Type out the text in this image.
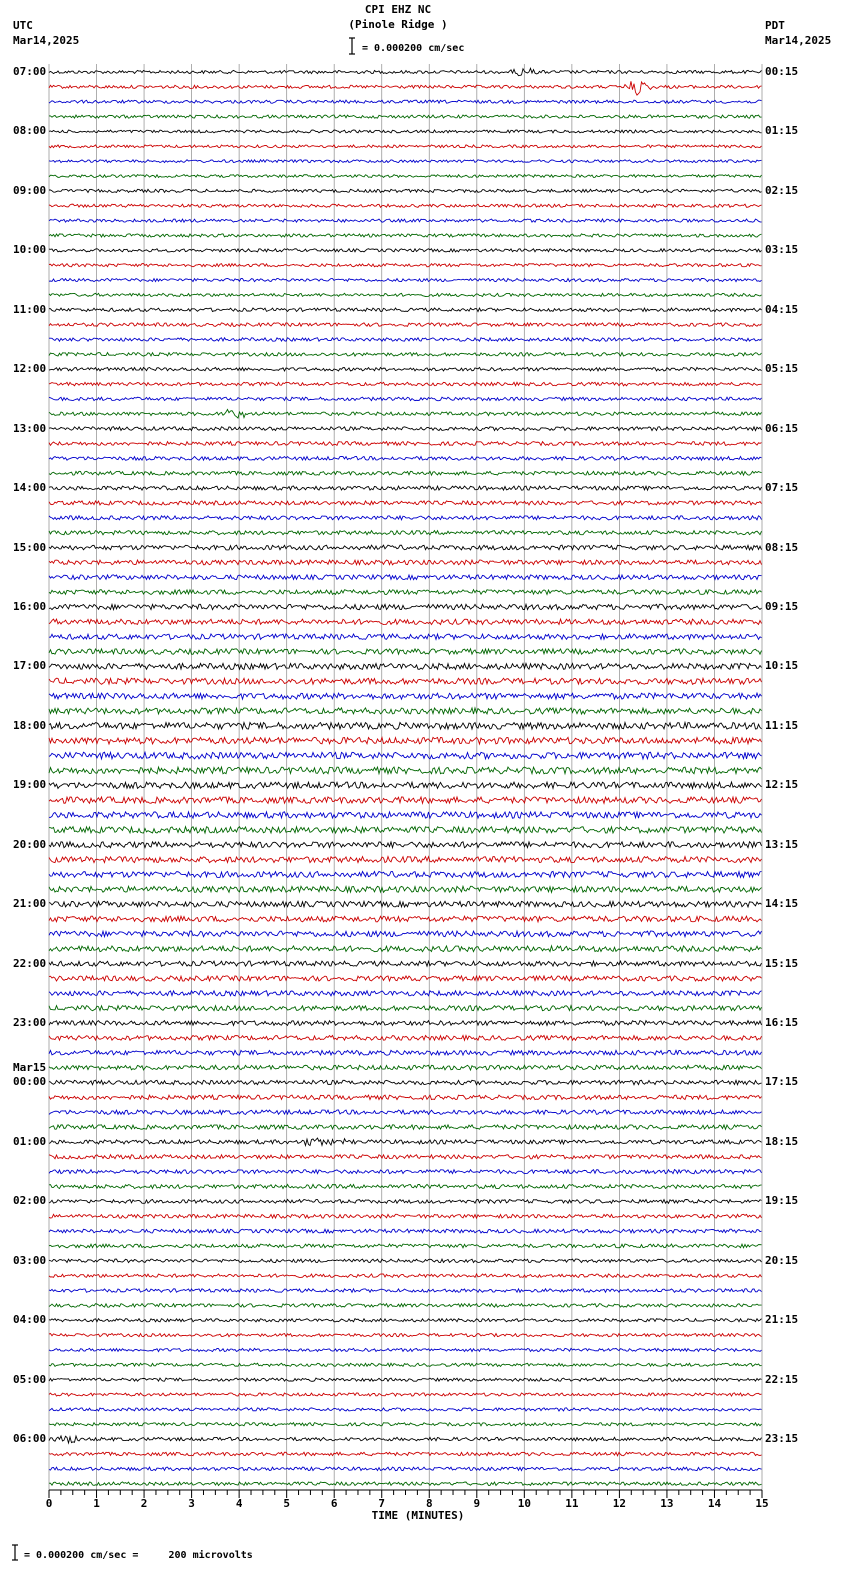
CPI EHZ NC
(Pinole Ridge )
= 0.000200 cm/sec
UTC
Mar14,2025
PDT
Mar14,2025
07:00
08:00
09:00
10:00
11:00
12:00
13:00
14:00
15:00
16:00
17:00
18:00
19:00
20:00
21:00
22:00
23:00
00:00
01:00
02:00
03:00
04:00
05:00
06:00
00:15
01:15
02:15
03:15
04:15
05:15
06:15
07:15
08:15
09:15
10:15
11:15
12:15
13:15
14:15
15:15
16:15
17:15
18:15
19:15
20:15
21:15
22:15
23:15
Mar15
0	1	2	3	4	5	6	7	8	9	10	11	12	13	14	15
TIME (MINUTES)
= 0.000200 cm/sec =     200 microvolts
